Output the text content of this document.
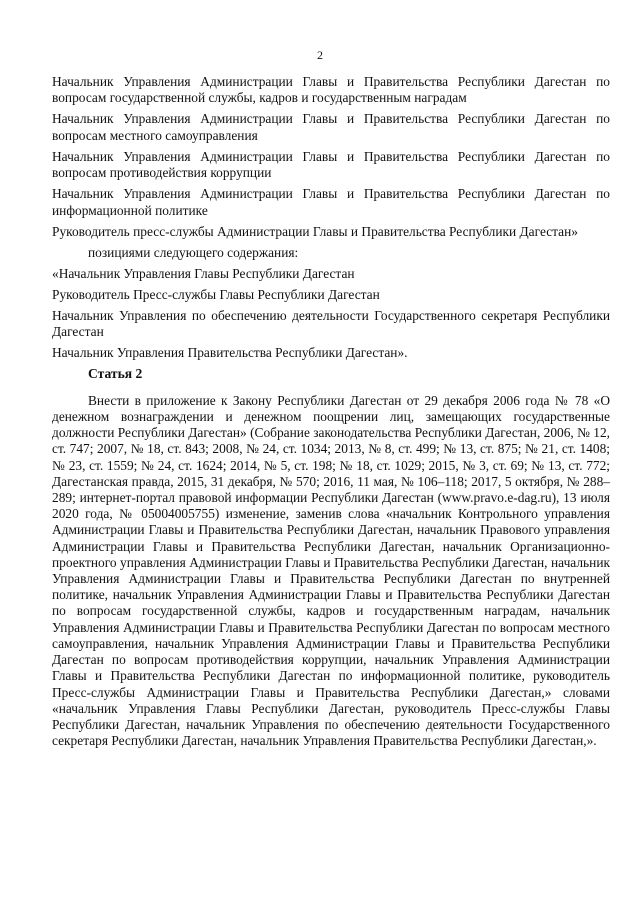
2

Начальник Управления Администрации Главы и Правительства Республики Дагестан по вопросам государственной службы, кадров и государственным наградам

Начальник Управления Администрации Главы и Правительства Республики Дагестан по вопросам местного самоуправления

Начальник Управления Администрации Главы и Правительства Республики Дагестан по вопросам противодействия коррупции

Начальник Управления Администрации Главы и Правительства Республики Дагестан по информационной политике

Руководитель пресс-службы Администрации Главы и Правительства Республики Дагестан»

позициями следующего содержания:

«Начальник Управления Главы Республики Дагестан

Руководитель Пресс-службы Главы Республики Дагестан

Начальник Управления по обеспечению деятельности Государственного секретаря Республики Дагестан

Начальник Управления Правительства Республики Дагестан».

Статья 2

Внести в приложение к Закону Республики Дагестан от 29 декабря 2006 года № 78 «О денежном вознаграждении и денежном поощрении лиц, замещающих государственные должности Республики Дагестан» (Собрание законодательства Республики Дагестан, 2006, № 12, ст. 747; 2007, № 18, ст. 843; 2008, № 24, ст. 1034; 2013, № 8, ст. 499; № 13, ст. 875; № 21, ст. 1408; № 23, ст. 1559; № 24, ст. 1624; 2014, № 5, ст. 198; № 18, ст. 1029; 2015, № 3, ст. 69; № 13, ст. 772; Дагестанская правда, 2015, 31 декабря, № 570; 2016, 11 мая, № 106–118; 2017, 5 октября, № 288–289; интернет-портал правовой информации Республики Дагестан (www.pravo.e-dag.ru), 13 июля 2020 года, № 05004005755) изменение, заменив слова «начальник Контрольного управления Администрации Главы и Правительства Республики Дагестан, начальник Правового управления Администрации Главы и Правительства Республики Дагестан, начальник Организационно-проектного управления Администрации Главы и Правительства Республики Дагестан, начальник Управления Администрации Главы и Правительства Республики Дагестан по внутренней политике, начальник Управления Администрации Главы и Правительства Республики Дагестан по вопросам государственной службы, кадров и государственным наградам, начальник Управления Администрации Главы и Правительства Республики Дагестан по вопросам местного самоуправления, начальник Управления Администрации Главы и Правительства Республики Дагестан по вопросам противодействия коррупции, начальник Управления Администрации Главы и Правительства Республики Дагестан по информационной политике, руководитель Пресс-службы Администрации Главы и Правительства Республики Дагестан,» словами «начальник Управления Главы Республики Дагестан, руководитель Пресс-службы Главы Республики Дагестан, начальник Управления по обеспечению деятельности Государственного секретаря Республики Дагестан, начальник Управления Правительства Республики Дагестан,».
